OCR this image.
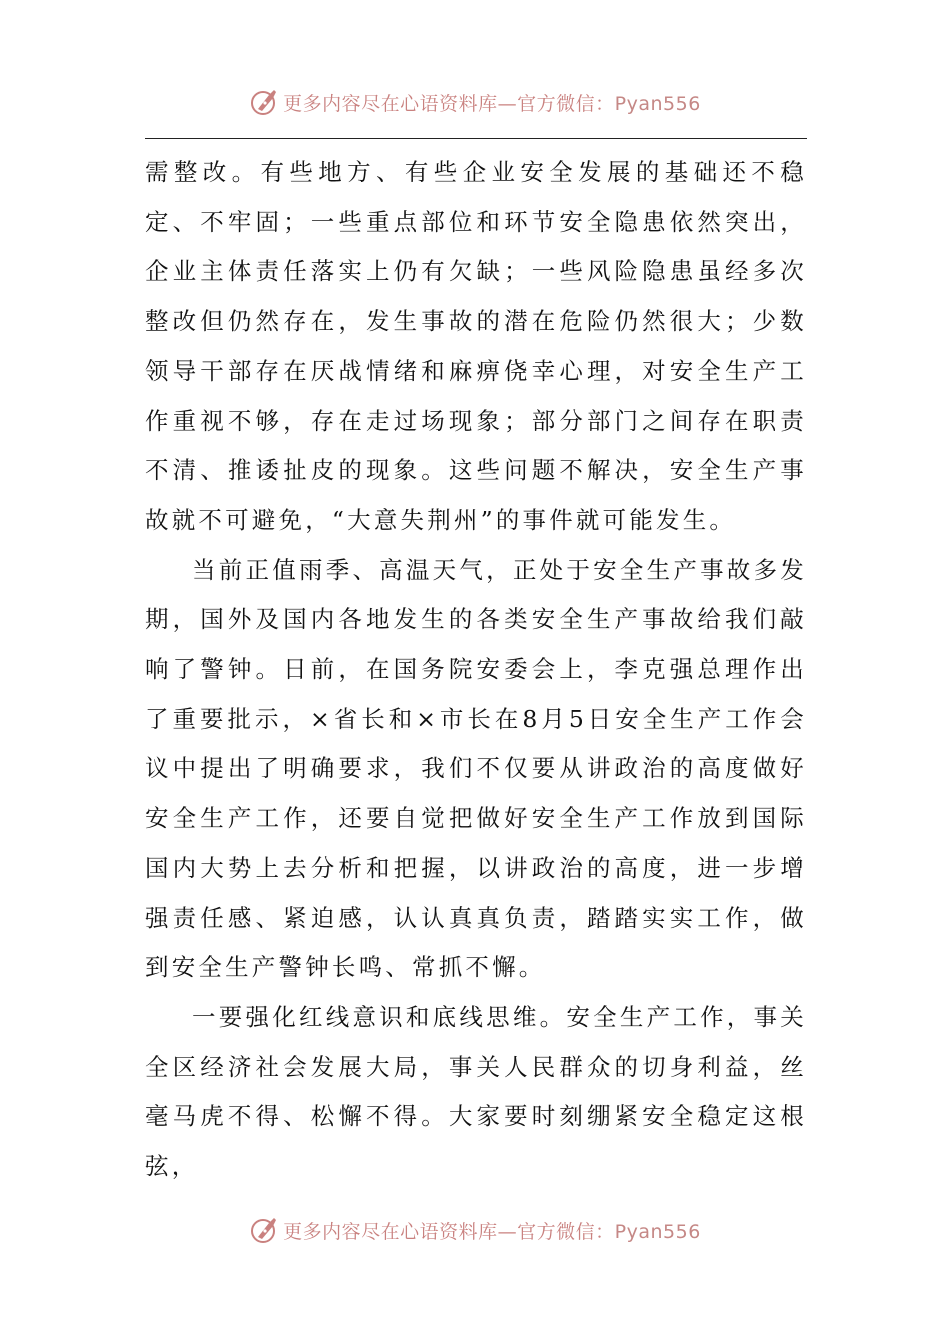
更多内容尽在心语资料库—官方微信：Pyan556

需整改。有些地方、有些企业安全发展的基础还不稳定、不牢固；一些重点部位和环节安全隐患依然突出，企业主体责任落实上仍有欠缺；一些风险隐患虽经多次整改但仍然存在，发生事故的潜在危险仍然很大；少数领导干部存在厌战情绪和麻痹侥幸心理，对安全生产工作重视不够，存在走过场现象；部分部门之间存在职责不清、推诿扯皮的现象。这些问题不解决，安全生产事故就不可避免，“大意失荆州”的事件就可能发生。

当前正值雨季、高温天气，正处于安全生产事故多发期，国外及国内各地发生的各类安全生产事故给我们敲响了警钟。日前，在国务院安委会上，李克强总理作出了重要批示，×省长和×市长在8月5日安全生产工作会议中提出了明确要求，我们不仅要从讲政治的高度做好安全生产工作，还要自觉把做好安全生产工作放到国际国内大势上去分析和把握，以讲政治的高度，进一步增强责任感、紧迫感，认认真真负责，踏踏实实工作，做到安全生产警钟长鸣、常抓不懈。

一要强化红线意识和底线思维。安全生产工作，事关全区经济社会发展大局，事关人民群众的切身利益，丝毫马虎不得、松懈不得。大家要时刻绷紧安全稳定这根弦，

更多内容尽在心语资料库—官方微信：Pyan556
